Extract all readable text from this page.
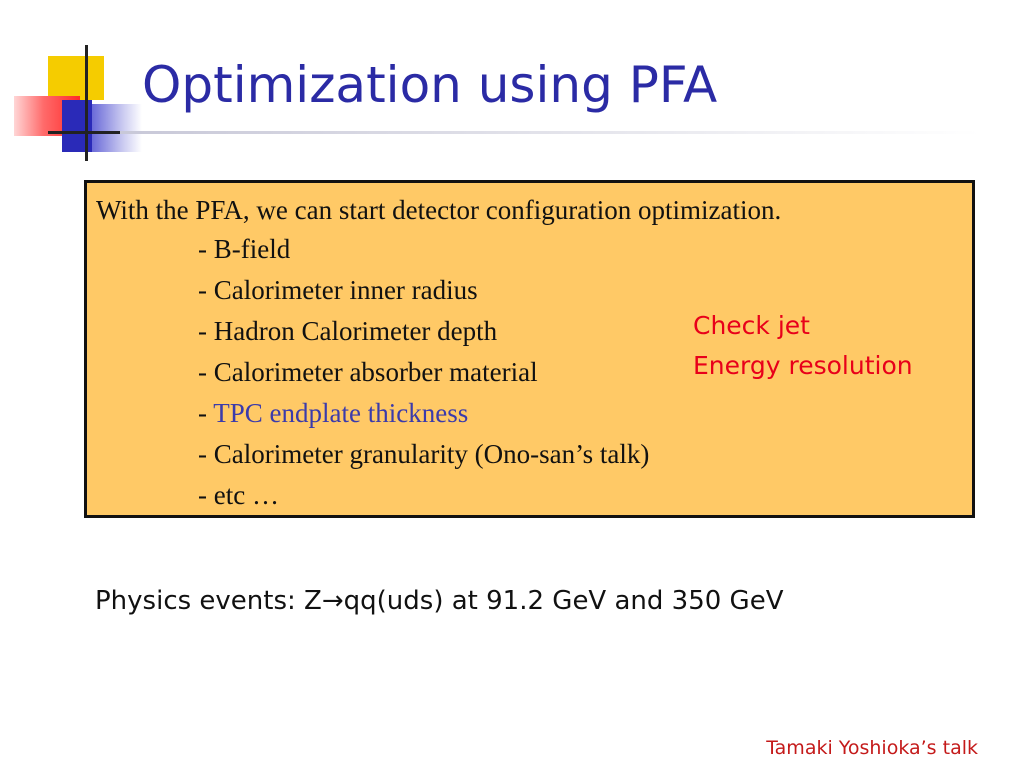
Optimization using PFA
With the PFA, we can start detector configuration optimization.
- B-field
- Calorimeter inner radius
- Hadron Calorimeter depth
- Calorimeter absorber material
- TPC endplate thickness
- Calorimeter granularity (Ono-san’s talk)
- etc …
Check jet
Energy resolution
Physics events: Z→qq(uds) at 91.2 GeV and 350 GeV
Tamaki Yoshioka’s talk
